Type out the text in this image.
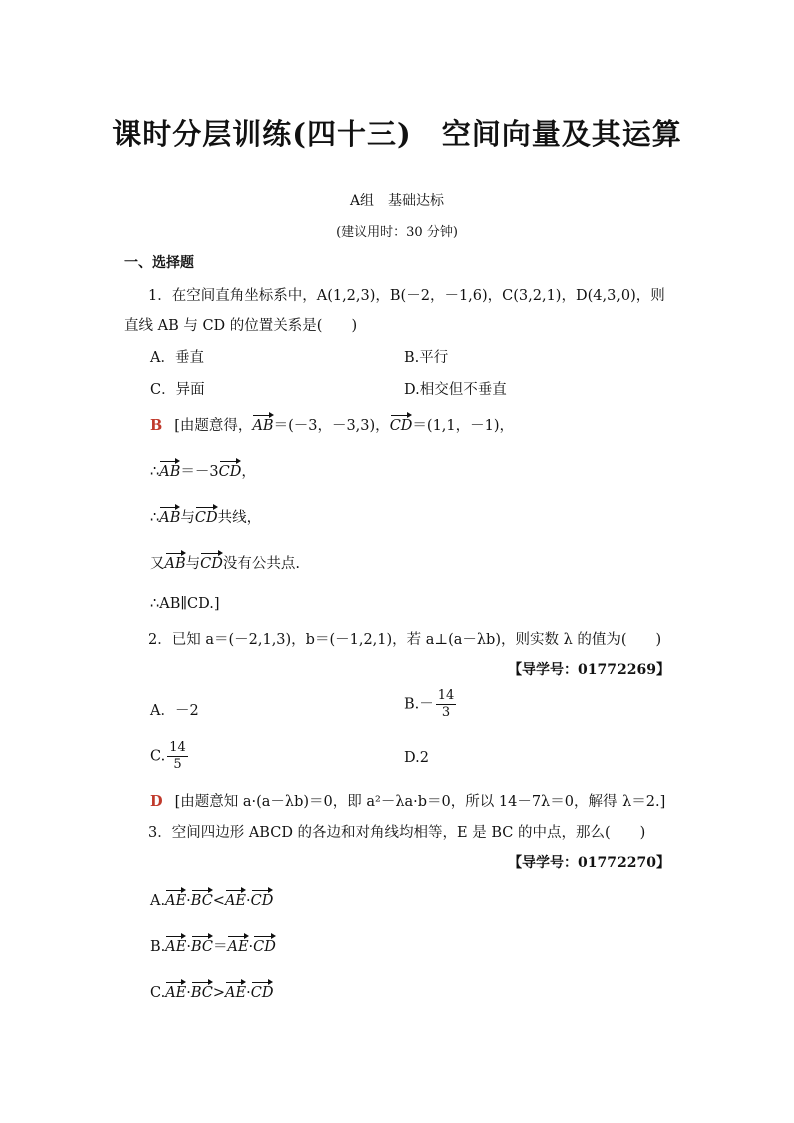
课时分层训练(四十三) 空间向量及其运算
A组　基础达标
(建议用时：30 分钟)
一、选择题
1．在空间直角坐标系中，A(1,2,3)，B(－2，－1,6)，C(3,2,1)，D(4,3,0)，则
直线 AB 与 CD 的位置关系是(　　)
A．垂直	B.平行
C．异面	D.相交但不垂直
B [由题意得，AB＝(－3，－3,3)，CD＝(1,1，－1)，
∴AB＝－3CD，
∴AB与CD共线，
又AB与CD没有公共点.
∴AB∥CD.]
2．已知 a＝(－2,1,3)，b＝(－1,2,1)，若 a⊥(a－λb)，则实数 λ 的值为(　　)
【导学号：01772269】
A．－2	$B.- \frac{14}{3}$
C. $\frac{14}{5}$	D.2
D [由题意知 a·(a－λb)＝0，即 a²－λa·b＝0，所以 14－7λ＝0，解得 λ＝2.]
3．空间四边形 ABCD 的各边和对角线均相等，E 是 BC 的中点，那么(　　)
【导学号：01772270】
A.AE·BC<AE·CD
B.AE·BC＝AE·CD
C.AE·BC>AE·CD
